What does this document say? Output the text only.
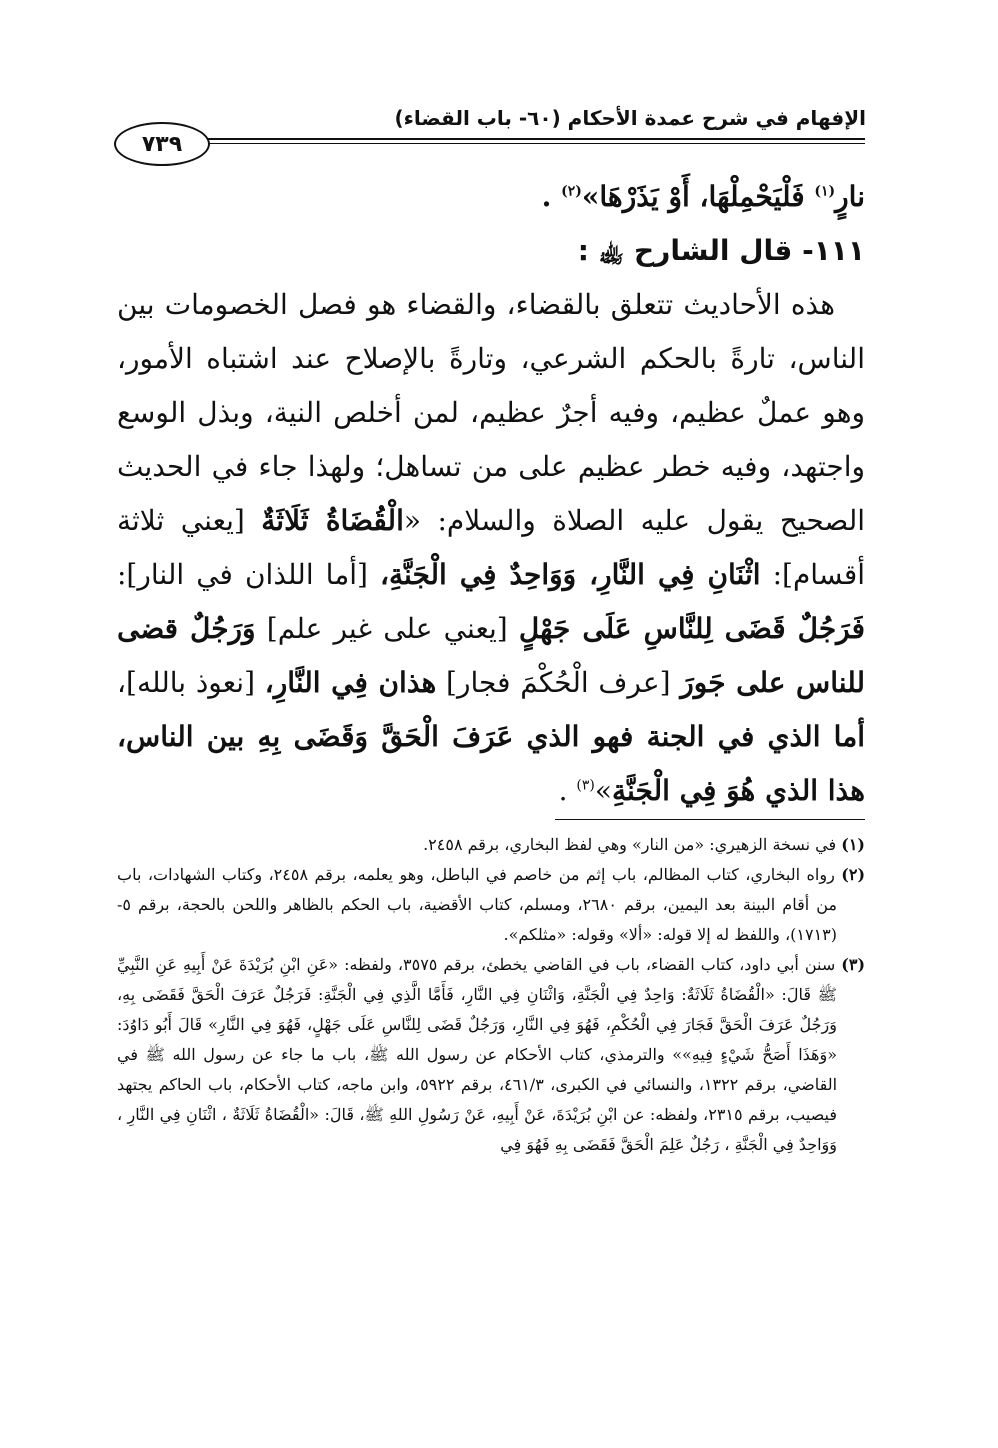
الإفهام في شرح عمدة الأحكام (٦٠- باب القضاء)
٧٣٩

نارٍ$^{(١)}$ فَلْيَحْمِلْهَا، أَوْ يَذَرْهَا»$^{(٢)}$ .

١١١- قال الشارح ﵀ :

هذه الأحاديث تتعلق بالقضاء، والقضاء هو فصل الخصومات بين الناس، تارةً بالحكم الشرعي، وتارةً بالإصلاح عند اشتباه الأمور، وهو عملٌ عظيم، وفيه أجرٌ عظيم، لمن أخلص النية، وبذل الوسع واجتهد، وفيه خطر عظيم على من تساهل؛ ولهذا جاء في الحديث الصحيح يقول عليه الصلاة والسلام: «الْقُضَاةُ ثَلَاثَةٌ [يعني ثلاثة أقسام]: اثْنَانِ فِي النَّارِ، وَوَاحِدٌ فِي الْجَنَّةِ، [أما اللذان في النار]: فَرَجُلٌ قَضَى لِلنَّاسِ عَلَى جَهْلٍ [يعني على غير علم] وَرَجُلٌ قضى للناس على جَورَ [عرف الْحُكْمَ فجار] هذان فِي النَّارِ، [نعوذ بالله]، أما الذي في الجنة فهو الذي عَرَفَ الْحَقَّ وَقَضَى بِهِ بين الناس، هذا الذي هُوَ فِي الْجَنَّةِ»$^{(٣)}$ .

(١) في نسخة الزهيري: «من النار» وهي لفظ البخاري، برقم ٢٤٥٨.

(٢) رواه البخاري، كتاب المظالم، باب إثم من خاصم في الباطل، وهو يعلمه، برقم ٢٤٥٨، وكتاب الشهادات، باب من أقام البينة بعد اليمين، برقم ٢٦٨٠، ومسلم، كتاب الأقضية، باب الحكم بالظاهر واللحن بالحجة، برقم ٥- (١٧١٣)، واللفظ له إلا قوله: «ألا» وقوله: «مثلكم».

(٣) سنن أبي داود، كتاب القضاء، باب في القاضي يخطئ، برقم ٣٥٧٥، ولفظه: «عَنِ ابْنِ بُرَيْدَةَ عَنْ أَبِيهِ عَنِ النَّبِيِّ ﷺ قَالَ: «الْقُضَاةُ ثَلَاثَةٌ: وَاحِدٌ فِي الْجَنَّةِ، وَاثْنَانِ فِي النَّارِ، فَأَمَّا الَّذِي فِي الْجَنَّةِ: فَرَجُلٌ عَرَفَ الْحَقَّ فَقَضَى بِهِ، وَرَجُلٌ عَرَفَ الْحَقَّ فَجَارَ فِي الْحُكْمِ، فَهُوَ فِي النَّارِ، وَرَجُلٌ قَضَى لِلنَّاسِ عَلَى جَهْلٍ، فَهُوَ فِي النَّارِ» قَالَ أَبُو دَاوُدَ: «وَهَذَا أَصَحُّ شَيْءٍ فِيهِ»» والترمذي، كتاب الأحكام عن رسول الله ﷺ، باب ما جاء عن رسول الله ﷺ في القاضي، برقم ١٣٢٢، والنسائي في الكبرى، ٤٦١/٣، برقم ٥٩٢٢، وابن ماجه، كتاب الأحكام، باب الحاكم يجتهد فيصيب، برقم ٢٣١٥، ولفظه: عن ابْنِ بُرَيْدَةَ، عَنْ أَبِيهِ، عَنْ رَسُولِ اللهِ ﷺ، قَالَ: «الْقُضَاةُ ثَلَاثَةٌ ، اثْنَانِ فِي النَّارِ ، وَوَاحِدٌ فِي الْجَنَّةِ ، رَجُلٌ عَلِمَ الْحَقَّ فَقَضَى بِهِ فَهُوَ فِي
